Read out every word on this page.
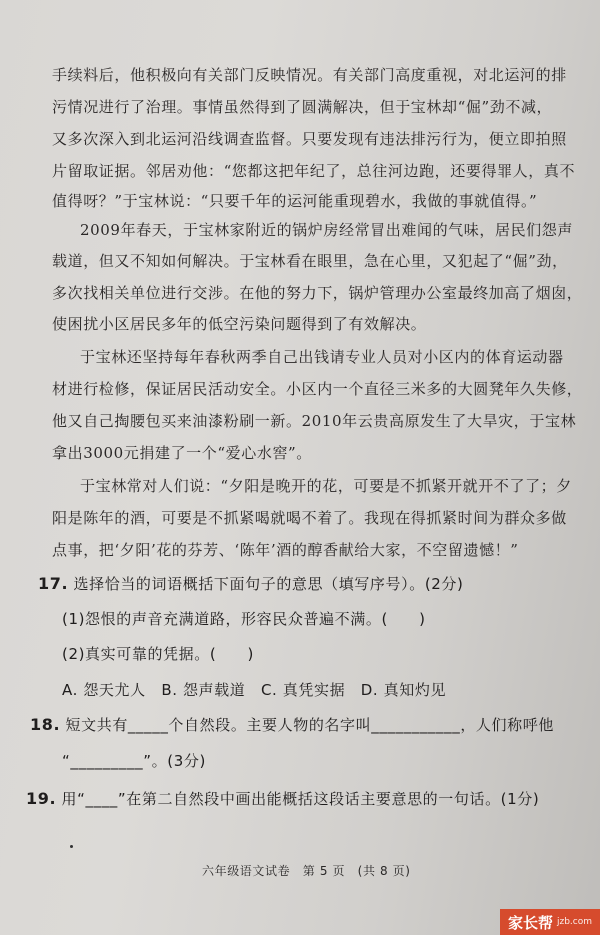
手续料后，他积极向有关部门反映情况。有关部门高度重视，对北运河的排
污情况进行了治理。事情虽然得到了圆满解决，但于宝林却“倔”劲不减，
又多次深入到北运河沿线调查监督。只要发现有违法排污行为，便立即拍照
片留取证据。邻居劝他：“您都这把年纪了，总往河边跑，还要得罪人，真不
值得呀？”于宝林说：“只要千年的运河能重现碧水，我做的事就值得。”
2009年春天，于宝林家附近的锅炉房经常冒出难闻的气味，居民们怨声
载道，但又不知如何解决。于宝林看在眼里，急在心里，又犯起了“倔”劲，
多次找相关单位进行交涉。在他的努力下，锅炉管理办公室最终加高了烟囱，
使困扰小区居民多年的低空污染问题得到了有效解决。
于宝林还坚持每年春秋两季自己出钱请专业人员对小区内的体育运动器
材进行检修，保证居民活动安全。小区内一个直径三米多的大圆凳年久失修，
他又自己掏腰包买来油漆粉刷一新。2010年云贵高原发生了大旱灾，于宝林
拿出3000元捐建了一个“爱心水窖”。
于宝林常对人们说：“夕阳是晚开的花，可要是不抓紧开就开不了了；夕
阳是陈年的酒，可要是不抓紧喝就喝不着了。我现在得抓紧时间为群众多做
点事，把‘夕阳’花的芬芳、‘陈年’酒的醇香献给大家，不空留遗憾！”
17. 选择恰当的词语概括下面句子的意思（填写序号）。(2分)
(1)怨恨的声音充满道路，形容民众普遍不满。(　　)
(2)真实可靠的凭据。(　　)
A. 怨天尤人　B. 怨声载道　C. 真凭实据　D. 真知灼见
18. 短文共有_____个自然段。主要人物的名字叫___________，人们称呼他
“_________”。(3分)
19. 用“____”在第二自然段中画出能概括这段话主要意思的一句话。(1分)
六年级语文试卷　第 5 页　(共 8 页)
家长帮 jzb.com
